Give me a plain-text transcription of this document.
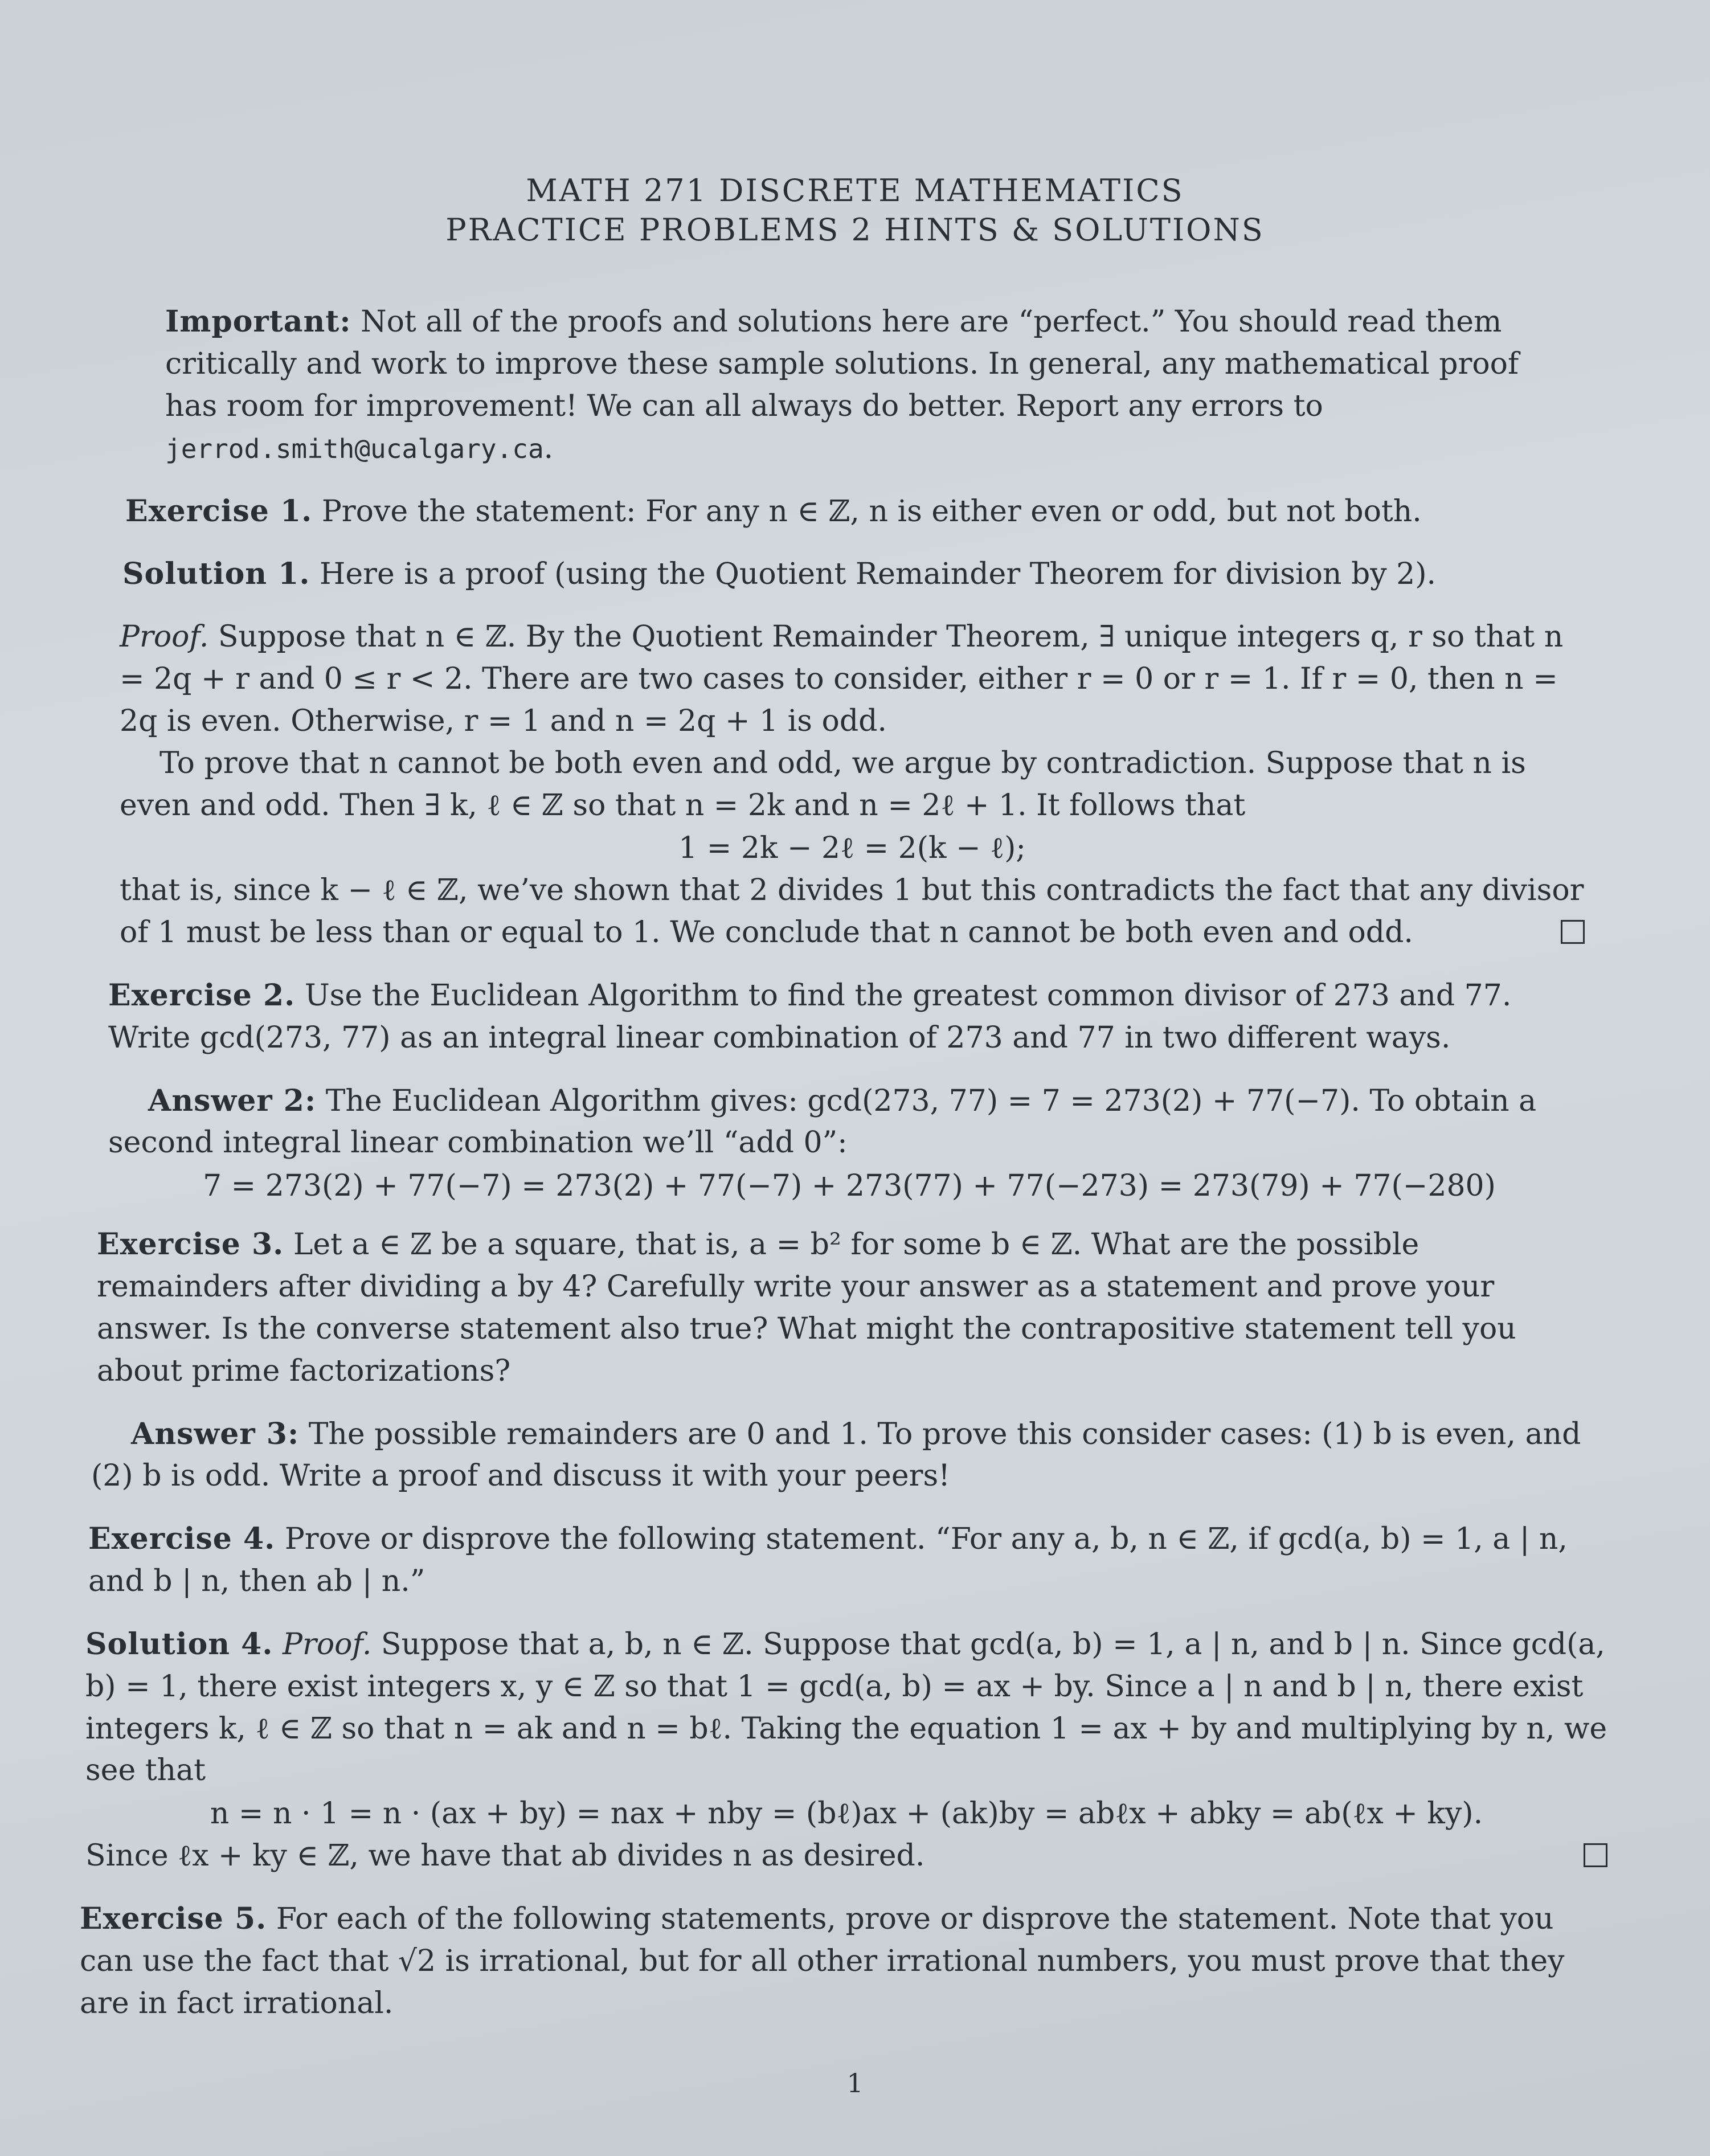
MATH 271 DISCRETE MATHEMATICS
PRACTICE PROBLEMS 2 HINTS & SOLUTIONS

Important: Not all of the proofs and solutions here are “perfect.” You should read them critically and work to improve these sample solutions. In general, any mathematical proof has room for improvement! We can all always do better. Report any errors to jerrod.smith@ucalgary.ca.

Exercise 1. Prove the statement: For any n ∈ ℤ, n is either even or odd, but not both.

Solution 1. Here is a proof (using the Quotient Remainder Theorem for division by 2).

Proof. Suppose that n ∈ ℤ. By the Quotient Remainder Theorem, ∃ unique integers q, r so that n = 2q + r and 0 ≤ r < 2. There are two cases to consider, either r = 0 or r = 1. If r = 0, then n = 2q is even. Otherwise, r = 1 and n = 2q + 1 is odd.

To prove that n cannot be both even and odd, we argue by contradiction. Suppose that n is even and odd. Then ∃ k, ℓ ∈ ℤ so that n = 2k and n = 2ℓ + 1. It follows that

1 = 2k − 2ℓ = 2(k − ℓ);

that is, since k − ℓ ∈ ℤ, we’ve shown that 2 divides 1 but this contradicts the fact that any divisor of 1 must be less than or equal to 1. We conclude that n cannot be both even and odd.

Exercise 2. Use the Euclidean Algorithm to find the greatest common divisor of 273 and 77. Write gcd(273, 77) as an integral linear combination of 273 and 77 in two different ways.

Answer 2: The Euclidean Algorithm gives: gcd(273, 77) = 7 = 273(2) + 77(−7). To obtain a second integral linear combination we’ll “add 0”:

7 = 273(2) + 77(−7) = 273(2) + 77(−7) + 273(77) + 77(−273) = 273(79) + 77(−280)

Exercise 3. Let a ∈ ℤ be a square, that is, a = b² for some b ∈ ℤ. What are the possible remainders after dividing a by 4? Carefully write your answer as a statement and prove your answer. Is the converse statement also true? What might the contrapositive statement tell you about prime factorizations?

Answer 3: The possible remainders are 0 and 1. To prove this consider cases: (1) b is even, and (2) b is odd. Write a proof and discuss it with your peers!

Exercise 4. Prove or disprove the following statement. “For any a, b, n ∈ ℤ, if gcd(a, b) = 1, a | n, and b | n, then ab | n.”

Solution 4. Proof. Suppose that a, b, n ∈ ℤ. Suppose that gcd(a, b) = 1, a | n, and b | n. Since gcd(a, b) = 1, there exist integers x, y ∈ ℤ so that 1 = gcd(a, b) = ax + by. Since a | n and b | n, there exist integers k, ℓ ∈ ℤ so that n = ak and n = bℓ. Taking the equation 1 = ax + by and multiplying by n, we see that

n = n · 1 = n · (ax + by) = nax + nby = (bℓ)ax + (ak)by = abℓx + abky = ab(ℓx + ky).

Since ℓx + ky ∈ ℤ, we have that ab divides n as desired.

Exercise 5. For each of the following statements, prove or disprove the statement. Note that you can use the fact that √2 is irrational, but for all other irrational numbers, you must prove that they are in fact irrational.

1
